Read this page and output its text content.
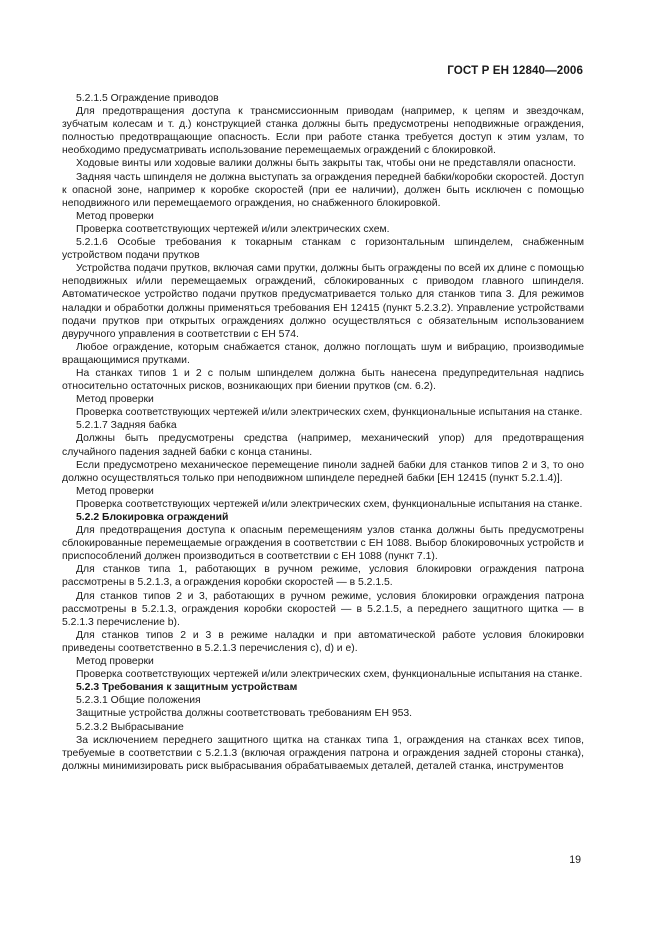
ГОСТ Р ЕН 12840—2006

5.2.1.5 Ограждение приводов

Для предотвращения доступа к трансмиссионным приводам (например, к цепям и звездочкам, зубчатым колесам и т. д.) конструкцией станка должны быть предусмотрены неподвижные ограждения, полностью предотвращающие опасность. Если при работе станка требуется доступ к этим узлам, то необходимо предусматривать использование перемещаемых ограждений с блокировкой.

Ходовые винты или ходовые валики должны быть закрыты так, чтобы они не представляли опасности.

Задняя часть шпинделя не должна выступать за ограждения передней бабки/коробки скоростей. Доступ к опасной зоне, например к коробке скоростей (при ее наличии), должен быть исключен с помощью неподвижного или перемещаемого ограждения, но снабженного блокировкой.

Метод проверки

Проверка соответствующих чертежей и/или электрических схем.

5.2.1.6 Особые требования к токарным станкам с горизонтальным шпинделем, снабженным устройством подачи прутков

Устройства подачи прутков, включая сами прутки, должны быть ограждены по всей их длине с помощью неподвижных и/или перемещаемых ограждений, сблокированных с приводом главного шпинделя. Автоматическое устройство подачи прутков предусматривается только для станков типа 3. Для режимов наладки и обработки должны применяться требования ЕН 12415 (пункт 5.2.3.2). Управление устройствами подачи прутков при открытых ограждениях должно осуществляться с обязательным использованием двуручного управления в соответствии с ЕН 574.

Любое ограждение, которым снабжается станок, должно поглощать шум и вибрацию, производимые вращающимися прутками.

На станках типов 1 и 2 с полым шпинделем должна быть нанесена предупредительная надпись относительно остаточных рисков, возникающих при биении прутков (см. 6.2).

Метод проверки

Проверка соответствующих чертежей и/или электрических схем, функциональные испытания на станке.

5.2.1.7 Задняя бабка

Должны быть предусмотрены средства (например, механический упор) для предотвращения случайного падения задней бабки с конца станины.

Если предусмотрено механическое перемещение пиноли задней бабки для станков типов 2 и 3, то оно должно осуществляться только при неподвижном шпинделе передней бабки [ЕН 12415 (пункт 5.2.1.4)].

Метод проверки

Проверка соответствующих чертежей и/или электрических схем, функциональные испытания на станке.

5.2.2 Блокировка ограждений

Для предотвращения доступа к опасным перемещениям узлов станка должны быть предусмотрены сблокированные перемещаемые ограждения в соответствии с ЕН 1088. Выбор блокировочных устройств и приспособлений должен производиться в соответствии с ЕН 1088 (пункт 7.1).

Для станков типа 1, работающих в ручном режиме, условия блокировки ограждения патрона рассмотрены в 5.2.1.3, а ограждения коробки скоростей — в 5.2.1.5.

Для станков типов 2 и 3, работающих в ручном режиме, условия блокировки ограждения патрона рассмотрены в 5.2.1.3, ограждения коробки скоростей — в 5.2.1.5, а переднего защитного щитка — в 5.2.1.3 перечисление b).

Для станков типов 2 и 3 в режиме наладки и при автоматической работе условия блокировки приведены соответственно в 5.2.1.3 перечисления c), d) и e).

Метод проверки

Проверка соответствующих чертежей и/или электрических схем, функциональные испытания на станке.

5.2.3 Требования к защитным устройствам

5.2.3.1 Общие положения

Защитные устройства должны соответствовать требованиям ЕН 953.

5.2.3.2 Выбрасывание

За исключением переднего защитного щитка на станках типа 1, ограждения на станках всех типов, требуемые в соответствии с 5.2.1.3 (включая ограждения патрона и ограждения задней стороны станка), должны минимизировать риск выбрасывания обрабатываемых деталей, деталей станка, инструментов

19
